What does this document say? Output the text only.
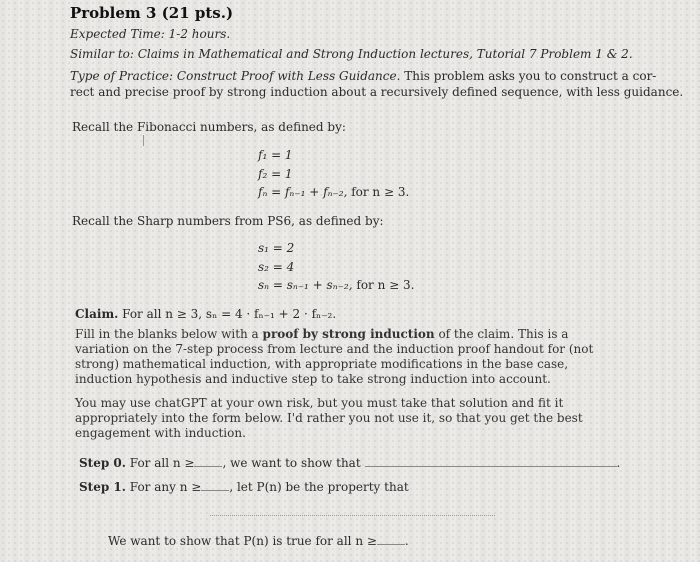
Problem 3 (21 pts.)
Expected Time: 1-2 hours.
Similar to: Claims in Mathematical and Strong Induction lectures, Tutorial 7 Problem 1 & 2.
Type of Practice: Construct Proof with Less Guidance. This problem asks you to construct a cor-
rect and precise proof by strong induction about a recursively defined sequence, with less guidance.
Recall the Fibonacci numbers, as defined by:
f₁ = 1
f₂ = 1
fₙ = fₙ₋₁ + fₙ₋₂, for n ≥ 3.
Recall the Sharp numbers from PS6, as defined by:
s₁ = 2
s₂ = 4
sₙ = sₙ₋₁ + sₙ₋₂, for n ≥ 3.
Claim. For all n ≥ 3, sₙ = 4 · fₙ₋₁ + 2 · fₙ₋₂.
Fill in the blanks below with a proof by strong induction of the claim. This is a variation on the 7-step process from lecture and the induction proof handout for (not strong) mathematical induction, with appropriate modifications in the base case, induction hypothesis and inductive step to take strong induction into account.
You may use chatGPT at your own risk, but you must take that solution and fit it appropriately into the form below. I'd rather you not use it, so that you get the best engagement with induction.
Step 0. For all n ≥ , we want to show that	.
Step 1. For any n ≥ , let P(n) be the property that
We want to show that P(n) is true for all n ≥ .
